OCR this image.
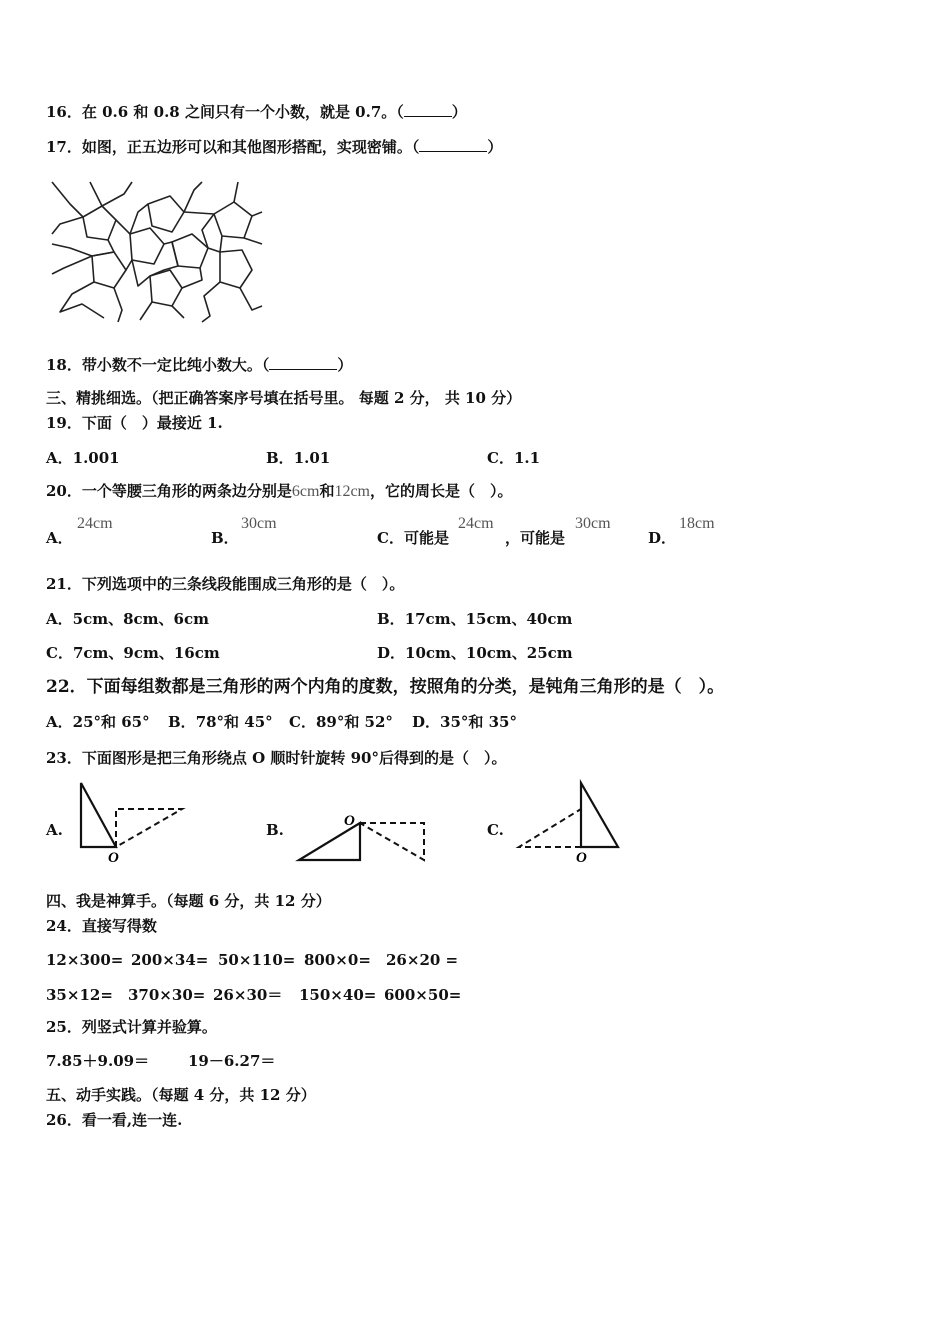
16．在 0.6 和 0.8 之间只有一个小数，就是 0.7。（	）
17．如图，正五边形可以和其他图形搭配，实现密铺。（	）
18．带小数不一定比纯小数大。（	）
三、精挑细选。（把正确答案序号填在括号里。 每题 2 分， 共 10 分）
19．下面（　）最接近 1.
A．1.001	B．1.01	C．1.1
20．一个等腰三角形的两条边分别是6cm和12cm，它的周长是（　）。
A．
24cm
B．
30cm
C．可能是
24cm
，可能是
30cm
D．
18cm
21．下列选项中的三条线段能围成三角形的是（　）。
A．5cm、8cm、6cm	B．17cm、15cm、40cm
C．7cm、9cm、16cm	D．10cm、10cm、25cm
22．下面每组数都是三角形的两个内角的度数，按照角的分类，是钝角三角形的是（　）。
A．25°和 65° B．78°和 45° C．89°和 52° D．35°和 35°
23．下面图形是把三角形绕点 O 顺时针旋转 90°后得到的是（　）。
A.
O
B.	O	C.
O
四、我是神算手。（每题 6 分，共 12 分）
24．直接写得数
12×300= 200×34= 50×110= 800×0= 26×20 =
35×12= 370×30= 26×30＝ 150×40= 600×50=
25．列竖式计算并验算。
7.85＋9.09＝	19－6.27＝
五、动手实践。（每题 4 分，共 12 分）
26．看一看,连一连.
